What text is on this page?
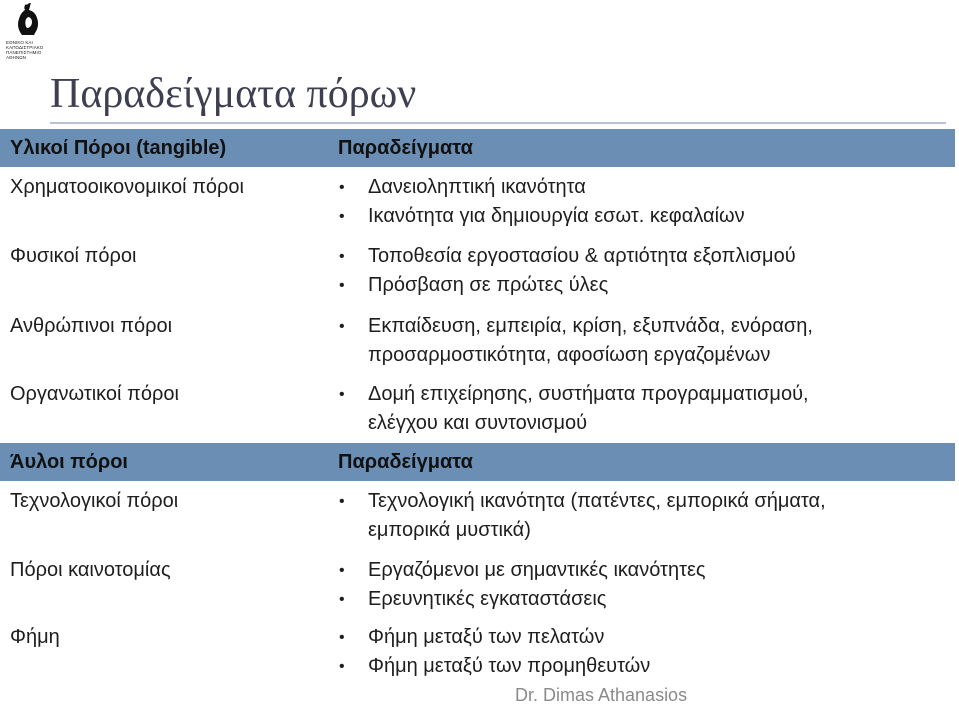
ΕΘΝΙΚΟ ΚΑΙ
ΚΑΠΟΔΙΣΤΡΙΑΚΟ
ΠΑΝΕΠΙΣΤΗΜΙΟ
ΑΘΗΝΩΝ
Παραδείγματα πόρων
Υλικοί Πόροι (tangible)	Παραδείγματα
Χρηματοοικονομικοί πόροι	•	Δανειοληπτική ικανότητα
•	Ικανότητα για δημιουργία εσωτ. κεφαλαίων
Φυσικοί πόροι	•	Τοποθεσία εργοστασίου & αρτιότητα εξοπλισμού
•	Πρόσβαση σε πρώτες ύλες
Ανθρώπινοι πόροι	•	Εκπαίδευση, εμπειρία, κρίση, εξυπνάδα, ενόραση,
προσαρμοστικότητα, αφοσίωση εργαζομένων
Οργανωτικοί πόροι	•	Δομή επιχείρησης, συστήματα προγραμματισμού,
ελέγχου και συντονισμού
Άυλοι πόροι	Παραδείγματα
Τεχνολογικοί πόροι	•	Τεχνολογική ικανότητα (πατέντες, εμπορικά σήματα,
εμπορικά μυστικά)
Πόροι καινοτομίας	•	Εργαζόμενοι με σημαντικές ικανότητες
•	Ερευνητικές εγκαταστάσεις
Φήμη	•	Φήμη μεταξύ των πελατών
•	Φήμη μεταξύ των προμηθευτών
Dr. Dimas Athanasios
